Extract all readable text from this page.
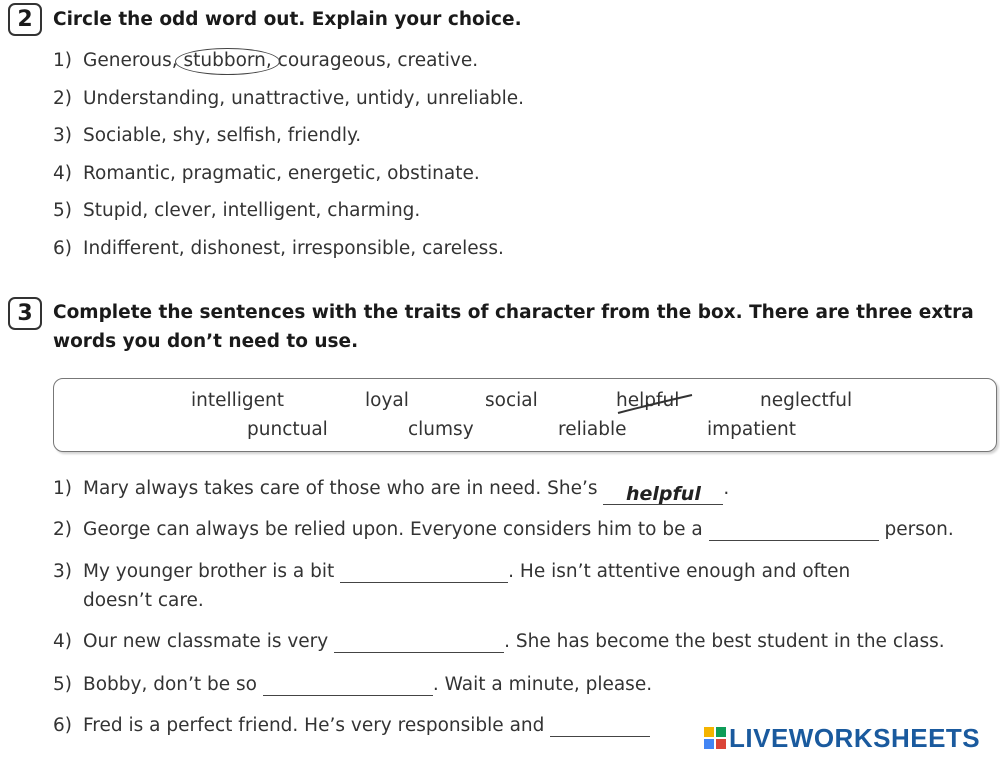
2 Circle the odd word out. Explain your choice.
1) Generous, stubborn, courageous, creative.
2) Understanding, unattractive, untidy, unreliable.
3) Sociable, shy, selfish, friendly.
4) Romantic, pragmatic, energetic, obstinate.
5) Stupid, clever, intelligent, charming.
6) Indifferent, dishonest, irresponsible, careless.
3 Complete the sentences with the traits of character from the box. There are three extra
words you don’t need to use.
intelligent	loyal	social	helpful	neglectful
punctual	clumsy	reliable	impatient
1) Mary always takes care of those who are in need. She’s helpful .
2) George can always be relied upon. Everyone considers him to be a	person.
3) My younger brother is a bit	. He isn’t attentive enough and often
doesn’t care.
4) Our new classmate is very	. She has become the best student in the class.
5) Bobby, don’t be so	. Wait a minute, please.
6) Fred is a perfect friend. He’s very responsible and	LIVEWORKSHEETS
